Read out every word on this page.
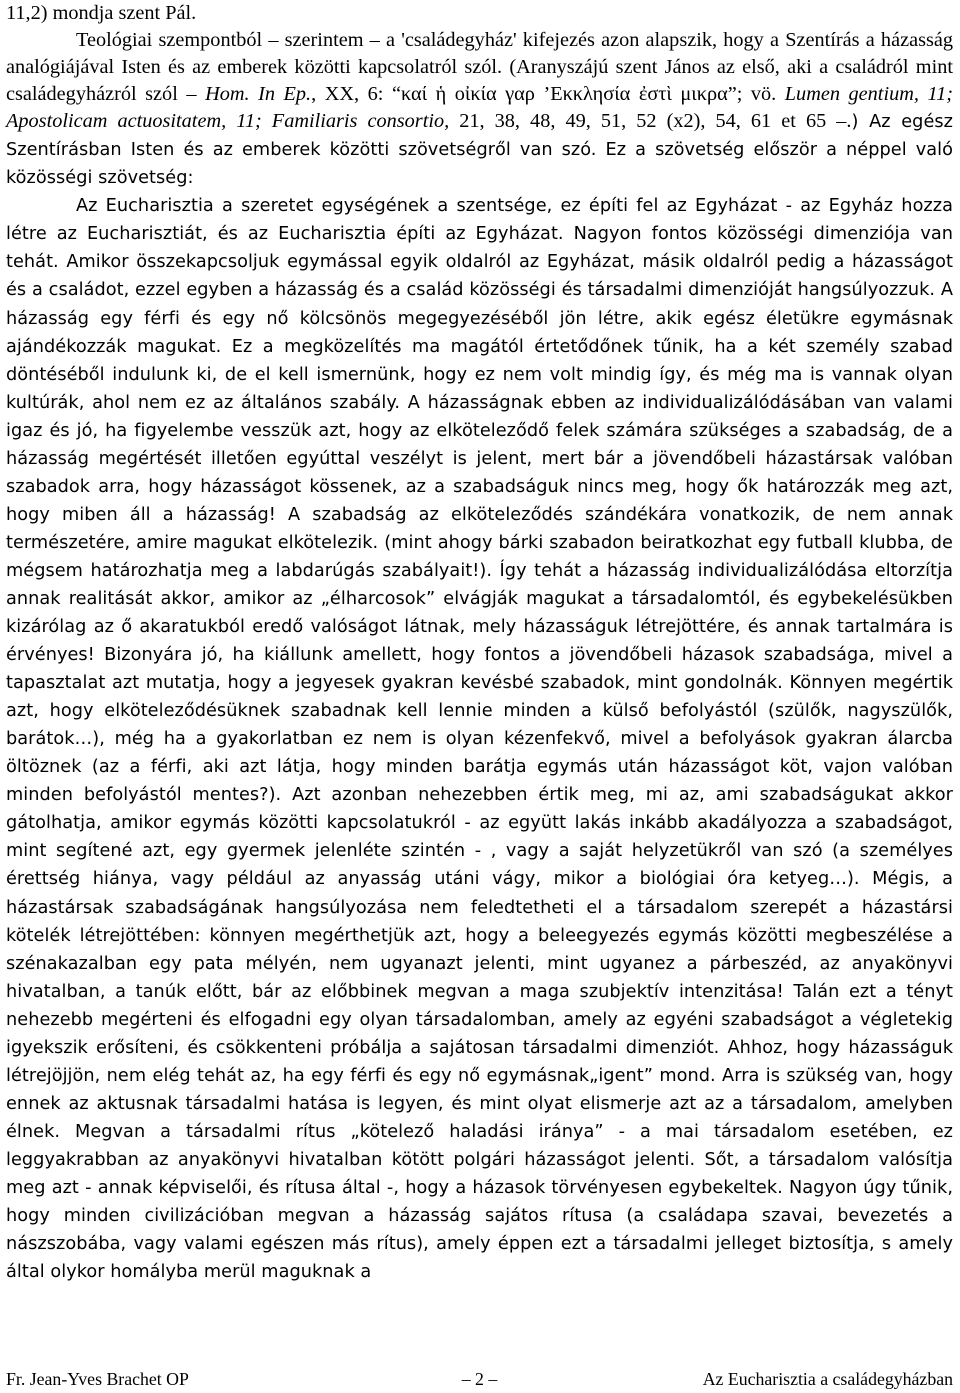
11,2) mondja szent Pál.

Teológiai szempontból – szerintem – a 'családegyház' kifejezés azon alapszik, hogy a Szentírás a házasság analógiájával Isten és az emberek közötti kapcsolatról szól. (Aranyszájú szent János az első, aki a családról mint családegyházról szól – Hom. In Ep., XX, 6: “καί ἡ οἰκία γαρ ’Εκκλησία ἐστὶ μικρα”; vö. Lumen gentium, 11; Apostolicam actuositatem, 11; Familiaris consortio, 21, 38, 48, 49, 51, 52 (x2), 54, 61 et 65 –.) Az egész Szentírásban Isten és az emberek közötti szövetségről van szó. Ez a szövetség először a néppel való közösségi szövetség:

Az Eucharisztia a szeretet egységének a szentsége, ez építi fel az Egyházat - az Egyház hozza létre az Eucharisztiát, és az Eucharisztia építi az Egyházat. Nagyon fontos közösségi dimenziója van tehát. Amikor összekapcsoljuk egymással egyik oldalról az Egyházat, másik oldalról pedig a házasságot és a családot, ezzel egyben a házasság és a család közösségi és társadalmi dimenzióját hangsúlyozzuk. A házasság egy férfi és egy nő kölcsönös megegyezéséből jön létre, akik egész életükre egymásnak ajándékozzák magukat. Ez a megközelítés ma magától értetődőnek tűnik, ha a két személy szabad döntéséből indulunk ki, de el kell ismernünk, hogy ez nem volt mindig így, és még ma is vannak olyan kultúrák, ahol nem ez az általános szabály. A házasságnak ebben az individualizálódásában van valami igaz és jó, ha figyelembe vesszük azt, hogy az elköteleződő felek számára szükséges a szabadság, de a házasság megértését illetően egyúttal veszélyt is jelent, mert bár a jövendőbeli házastársak valóban szabadok arra, hogy házasságot kössenek, az a szabadságuk nincs meg, hogy ők határozzák meg azt, hogy miben áll a házasság! A szabadság az elköteleződés szándékára vonatkozik, de nem annak természetére, amire magukat elkötelezik. (mint ahogy bárki szabadon beiratkozhat egy futball klubba, de mégsem határozhatja meg a labdarúgás szabályait!). Így tehát a házasság individualizálódása eltorzítja annak realitását akkor, amikor az „élharcosok” elvágják magukat a társadalomtól, és egybekelésükben kizárólag az ő akaratukból eredő valóságot látnak, mely házasságuk létrejöttére, és annak tartalmára is érvényes! Bizonyára jó, ha kiállunk amellett, hogy fontos a jövendőbeli házasok szabadsága, mivel a tapasztalat azt mutatja, hogy a jegyesek gyakran kevésbé szabadok, mint gondolnák. Könnyen megértik azt, hogy elköteleződésüknek szabadnak kell lennie minden a külső befolyástól (szülők, nagyszülők, barátok…), még ha a gyakorlatban ez nem is olyan kézenfekvő, mivel a befolyások gyakran álarcba öltöznek (az a férfi, aki azt látja, hogy minden barátja egymás után házasságot köt, vajon valóban minden befolyástól mentes?). Azt azonban nehezebben értik meg, mi az, ami szabadságukat akkor gátolhatja, amikor egymás közötti kapcsolatukról - az együtt lakás inkább akadályozza a szabadságot, mint segítené azt, egy gyermek jelenléte szintén - , vagy a saját helyzetükről van szó (a személyes érettség hiánya, vagy például az anyasság utáni vágy, mikor a biológiai óra ketyeg…). Mégis, a házastársak szabadságának hangsúlyozása nem feledtetheti el a társadalom szerepét a házastársi kötelék létrejöttében: könnyen megérthetjük azt, hogy a beleegyezés egymás közötti megbeszélése a szénakazalban egy pata mélyén, nem ugyanazt jelenti, mint ugyanez a párbeszéd, az anyakönyvi hivatalban, a tanúk előtt, bár az előbbinek megvan a maga szubjektív intenzitása! Talán ezt a tényt nehezebb megérteni és elfogadni egy olyan társadalomban, amely az egyéni szabadságot a végletekig igyekszik erősíteni, és csökkenteni próbálja a sajátosan társadalmi dimenziót. Ahhoz, hogy házasságuk létrejöjjön, nem elég tehát az, ha egy férfi és egy nő egymásnak„igent” mond. Arra is szükség van, hogy ennek az aktusnak társadalmi hatása is legyen, és mint olyat elismerje azt az a társadalom, amelyben élnek. Megvan a társadalmi rítus „kötelező haladási iránya” - a mai társadalom esetében, ez leggyakrabban az anyakönyvi hivatalban kötött polgári házasságot jelenti. Sőt, a társadalom valósítja meg azt - annak képviselői, és rítusa által -, hogy a házasok törvényesen egybekeltek. Nagyon úgy tűnik, hogy minden civilizációban megvan a házasság sajátos rítusa (a családapa szavai, bevezetés a nászszobába, vagy valami egészen más rítus), amely éppen ezt a társadalmi jelleget biztosítja, s amely által olykor homályba merül maguknak a

Fr. Jean-Yves Brachet OP	– 2 –	Az Eucharisztia a családegyházban
